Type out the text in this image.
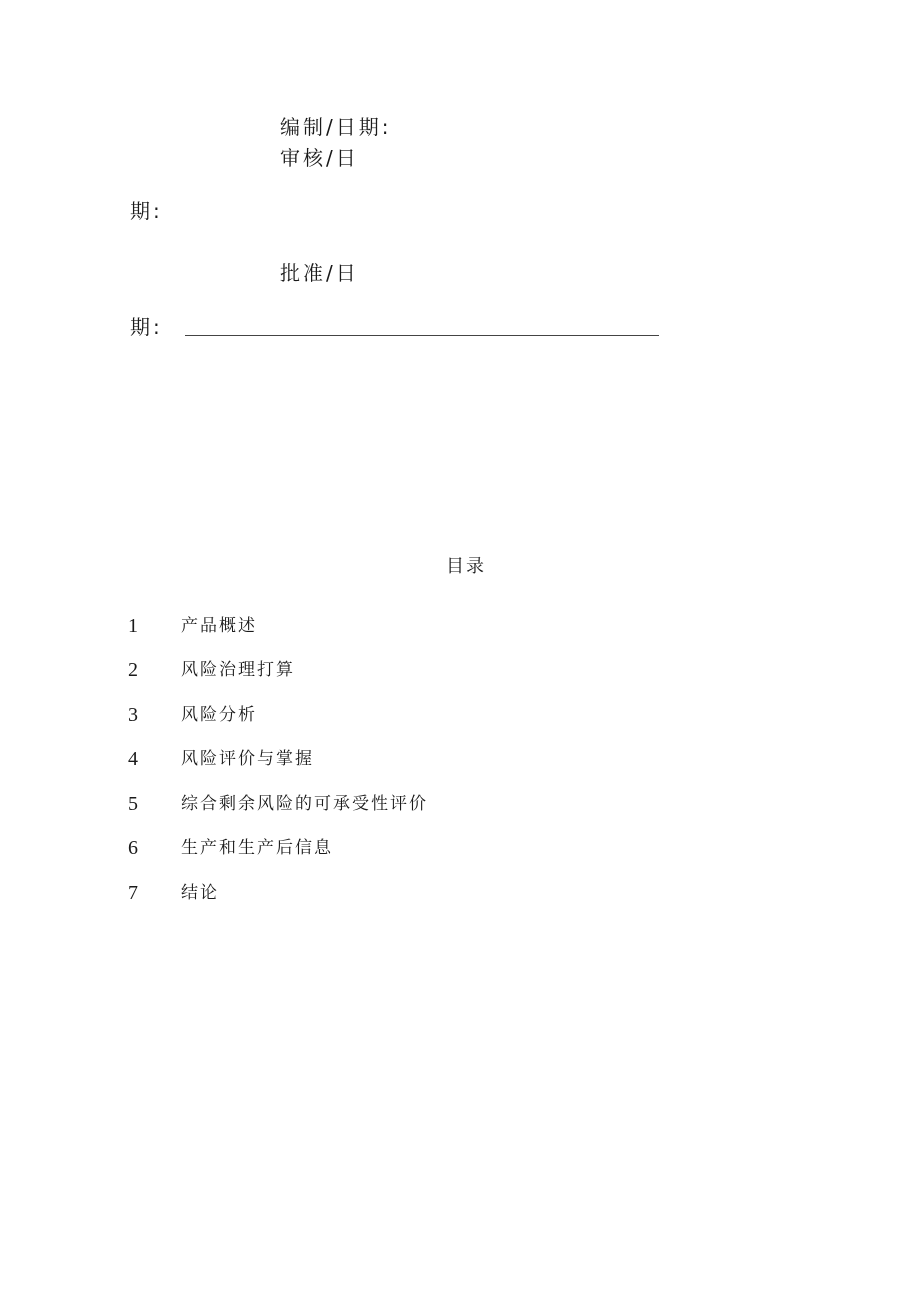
编制/日期:
审核/日
期:
批准/日
期:
目录
1	产品概述
2	风险治理打算
3	风险分析
4	风险评价与掌握
5	综合剩余风险的可承受性评价
6	生产和生产后信息
7	结论
